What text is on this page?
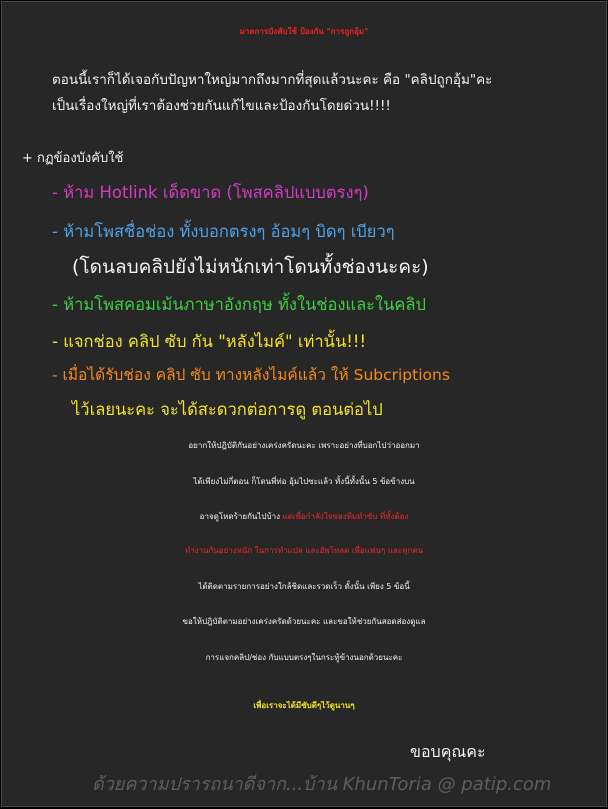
มาตการบังคับใช้ ป้องกัน "การถูกอุ้ม"
ตอนนี้เราก็ได้เจอกับปัญหาใหญ่มากถึงมากที่สุดแล้วนะคะ คือ "คลิปถูกอุ้ม"คะ
เป็นเรื่องใหญ่ที่เราต้องช่วยกันแก้ไขและป้องกันโดยด่วน!!!!
+ กฏข้องบังคับใช้
- ห้าม Hotlink เด็ดขาด (โพสคลิปแบบตรงๆ)
- ห้ามโพสชื่อช่อง ทั้งบอกตรงๆ อ้อมๆ บิดๆ เบียวๆ
(โดนลบคลิปยังไม่หนักเท่าโดนทั้งช่องนะคะ)
- ห้ามโพสคอมเม้นภาษาอังกฤษ ทั้งในช่องและในคลิป
- แจกช่อง คลิป ซับ กัน "หลังไมค์" เท่านั้น!!!
- เมื่อได้รับช่อง คลิป ซับ ทางหลังไมค์แล้ว ให้ Subcriptions
ไว้เลยนะคะ จะได้สะดวกต่อการดู ตอนต่อไป
อยากให้ปฎิบัติกันอย่างเคร่งครัดนะคะ เพราะอย่างที่บอกไปว่าออกมา
ได้เพียงไม่กี่ตอน ก็โดนพี่ท่อ อุ้มไปซะแล้ว ทั้งนี้ทั้งนั้น 5 ข้อข้างบน
อาจดูโหดร้ายกันไปบ้าง แต่เพื่อกำลังใจของทีมทำซับ ที่ทั้งต้อง
ทำงานกันอย่างหนัก ในการทำแปล และอัพโหลด เพื่อแฟนๆ และทุกคน
ได้ติดตามรายการอย่างใกล้ชิดและรวดเร็ว ดั้งนั้น เพียง 5 ข้อนี้
ขอให้ปฎิบัติตามอย่างเคร่งครัดด้วยนะคะ และขอให้ช่วยกันสอดส่องดูแล
การแจกคลิป/ช่อง กับแบบตรงๆในกระทู้ข้างนอกด้วยนะคะ
เพื่อเราจะได้มีซับดีๆไว้ดูนานๆ
ขอบคุณคะ
ด้วยความปรารถนาดีจาก...บ้าน KhunToria @ patip.com
